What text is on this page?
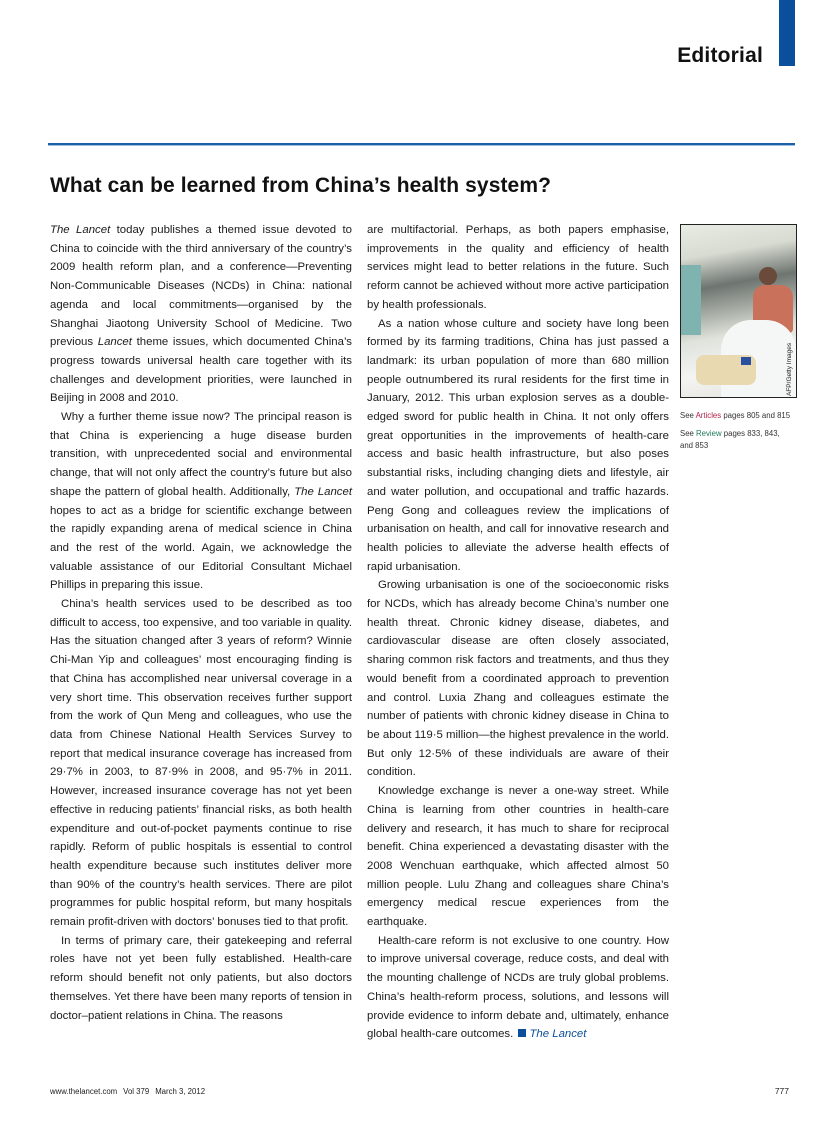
Editorial
What can be learned from China’s health system?

The Lancet today publishes a themed issue devoted to China to coincide with the third anniversary of the country’s 2009 health reform plan, and a conference—Preventing Non-Communicable Diseases (NCDs) in China: national agenda and local commitments—organised by the Shanghai Jiaotong University School of Medicine. Two previous Lancet theme issues, which documented China’s progress towards universal health care together with its challenges and development priorities, were launched in Beijing in 2008 and 2010.

Why a further theme issue now? The principal reason is that China is experiencing a huge disease burden transition, with unprecedented social and environmental change, that will not only affect the country’s future but also shape the pattern of global health. Additionally, The Lancet hopes to act as a bridge for scientific exchange between the rapidly expanding arena of medical science in China and the rest of the world. Again, we acknowledge the valuable assistance of our Editorial Consultant Michael Phillips in preparing this issue.

China’s health services used to be described as too difficult to access, too expensive, and too variable in quality. Has the situation changed after 3 years of reform? Winnie Chi-Man Yip and colleagues’ most encouraging finding is that China has accomplished near universal coverage in a very short time. This observation receives further support from the work of Qun Meng and colleagues, who use the data from Chinese National Health Services Survey to report that medical insurance coverage has increased from 29·7% in 2003, to 87·9% in 2008, and 95·7% in 2011. However, increased insurance coverage has not yet been effective in reducing patients’ financial risks, as both health expenditure and out-of-pocket payments continue to rise rapidly. Reform of public hospitals is essential to control health expenditure because such institutes deliver more than 90% of the country’s health services. There are pilot programmes for public hospital reform, but many hospitals remain profit-driven with doctors’ bonuses tied to that profit.

In terms of primary care, their gatekeeping and referral roles have not yet been fully established. Health-care reform should benefit not only patients, but also doctors themselves. Yet there have been many reports of tension in doctor–patient relations in China. The reasons

are multifactorial. Perhaps, as both papers emphasise, improvements in the quality and efficiency of health services might lead to better relations in the future. Such reform cannot be achieved without more active participation by health professionals.

As a nation whose culture and society have long been formed by its farming traditions, China has just passed a landmark: its urban population of more than 680 million people outnumbered its rural residents for the first time in January, 2012. This urban explosion serves as a double-edged sword for public health in China. It not only offers great opportunities in the improvements of health-care access and basic health infrastructure, but also poses substantial risks, including changing diets and lifestyle, air and water pollution, and occupational and traffic hazards. Peng Gong and colleagues review the implications of urbanisation on health, and call for innovative research and health policies to alleviate the adverse health effects of rapid urbanisation.

Growing urbanisation is one of the socioeconomic risks for NCDs, which has already become China’s number one health threat. Chronic kidney disease, diabetes, and cardiovascular disease are often closely associated, sharing common risk factors and treatments, and thus they would benefit from a coordinated approach to prevention and control. Luxia Zhang and colleagues estimate the number of patients with chronic kidney disease in China to be about 119·5 million—the highest prevalence in the world. But only 12·5% of these individuals are aware of their condition.

Knowledge exchange is never a one-way street. While China is learning from other countries in health-care delivery and research, it has much to share for reciprocal benefit. China experienced a devastating disaster with the 2008 Wenchuan earthquake, which affected almost 50 million people. Lulu Zhang and colleagues share China’s emergency medical rescue experiences from the earthquake.

Health-care reform is not exclusive to one country. How to improve universal coverage, reduce costs, and deal with the mounting challenge of NCDs are truly global problems. China’s health-reform process, solutions, and lessons will provide evidence to inform debate and, ultimately, enhance global health-care outcomes. The Lancet

AFP/Getty Images
See Articles pages 805 and 815
See Review pages 833, 843, and 853
www.thelancet.com Vol 379 March 3, 2012	777
